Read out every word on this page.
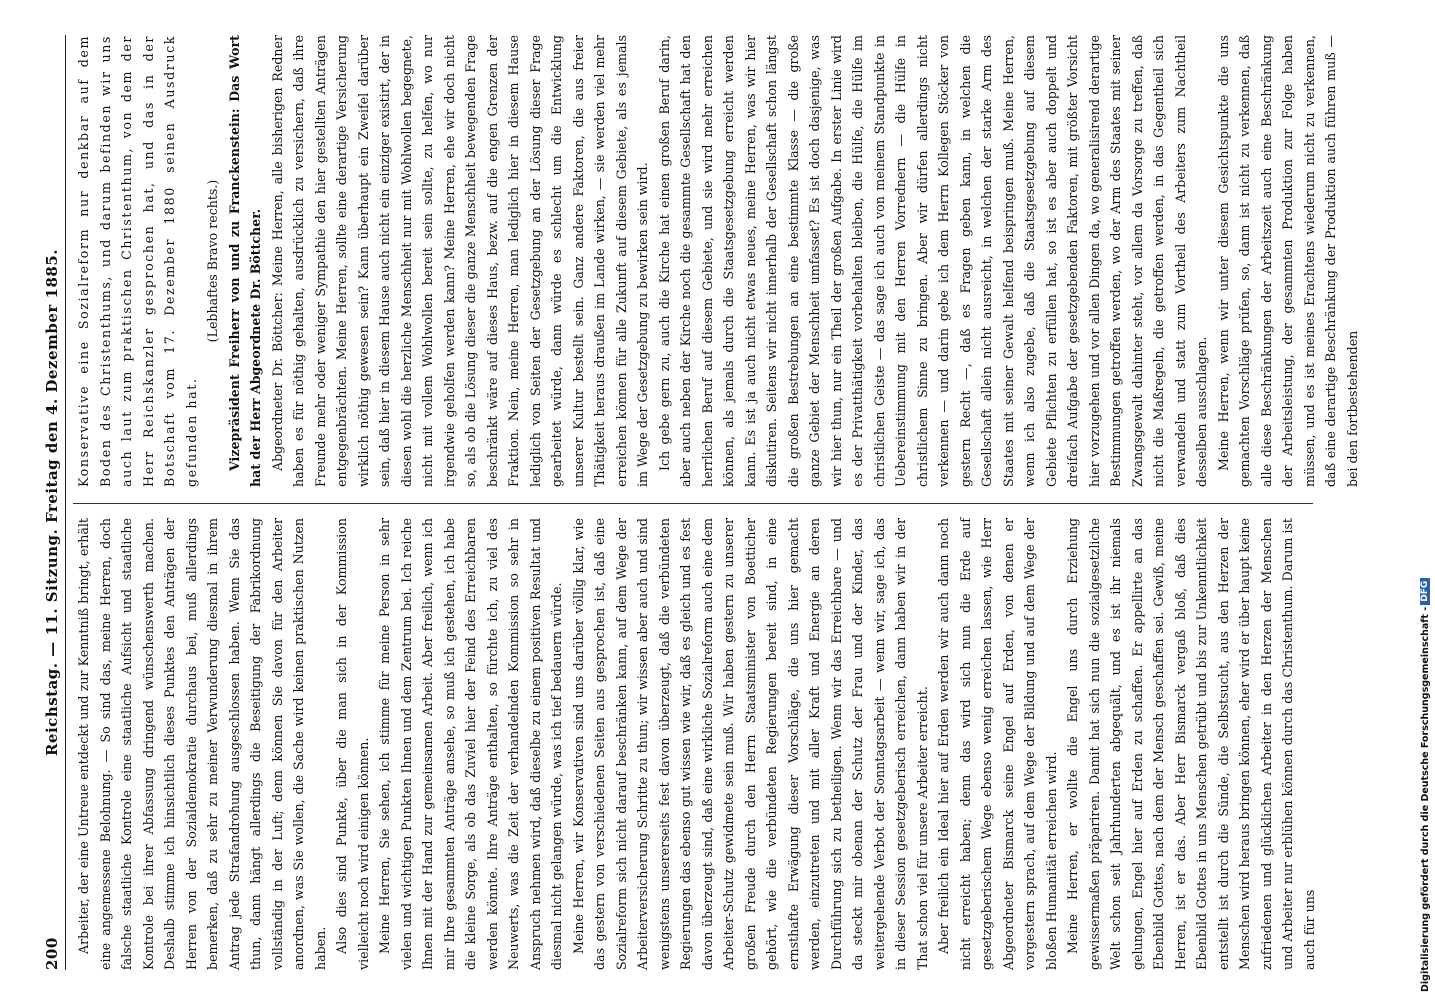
200
Reichstag. — 11. Sitzung. Freitag den 4. Dezember 1885. Arbeiter, der eine Untreue entdeckt und zur Kenntniß bringt, erhält eine angemessene Belohnung. — So sind das, meine Herren, doch falsche staatliche Kontrole eine staatliche Aufsicht und staatliche Kontrole bei ihrer Abfassung dringend wünschenswerth machen. Deshalb stimme ich hinsichtlich dieses Punktes den Anträgen der Herren von der Sozialdemokratie durchaus bei, muß allerdings bemerken, daß zu sehr zu meiner Verwunderung diesmal in ihrem Antrag jede Strafandrohung ausgeschlossen haben. Wenn Sie das thun, dann hängt allerdings die Beseitigung der Fabrikordnung vollständig in der Luft; denn können Sie davon für den Arbeiter anordnen, was Sie wollen, die Sache wird keinen praktischen Nutzen haben. Also dies sind Punkte, über die man sich in der Kommission vielleicht noch wird einigen können. Meine Herren, Sie sehen, ich stimme für meine Person in sehr vielen und wichtigen Punkten Ihnen und dem Zentrum bei. Ich reiche Ihnen mit der Hand zur gemeinsamen Arbeit. Aber freilich, wenn ich mir Ihre gesammten Anträge ansehe, so muß ich gestehen, ich habe die kleine Sorge, als ob das Zuviel hier der Feind des Erreichbaren werden könnte. Ihre Anträge enthalten, so fürchte ich, zu viel des Neuwerts, was die Zeit der verhandelnden Kommission so sehr in Anspruch nehmen wird, daß dieselbe zu einem positiven Resultat und diesmal nicht gelangen würde, was ich tief bedauern würde. Meine Herren, wir Konservativen sind uns darüber völlig klar, wie das gestern von verschiedenen Seiten aus gesprochen ist, daß eine Sozialreform sich nicht darauf beschränken kann, auf dem Wege der Arbeiterversicherung Schritte zu thun; wir wissen aber auch und sind wenigstens unsererseits fest davon überzeugt, daß die verbündeten Regierungen das ebenso gut wissen wie wir, daß es gleich und es fest davon überzeugt sind, daß eine wirkliche Sozialreform auch eine dem Arbeiter-Schutz gewidmete sein muß. Wir haben gestern zu unserer großen Freude durch den Herrn Staatsminister von Boetticher gehört, wie die verbündeten Regierungen bereit sind, in eine ernsthafte Erwägung dieser Vorschläge, die uns hier gemacht werden, einzutreten und mit aller Kraft und Energie an deren Durchführung sich zu betheiligen. Wenn wir das Erreichbare — und da steckt mir obenan der Schutz der Frau und der Kinder, das weitergehende Verbot der Sonntagsarbeit — wenn wir, sage ich, das in dieser Session gesetzgeberisch erreichen, dann haben wir in der That schon viel für unsere Arbeiter erreicht. Aber freilich ein Ideal hier auf Erden werden wir auch dann noch nicht erreicht haben; denn das wird sich nun die Erde auf gesetzgeberischem Wege ebenso wenig erreichen lassen, wie Herr Abgeordneter Bismarck seine Engel auf Erden, von denen er vorgestern sprach, auf dem Wege der Bildung und auf dem Wege der bloßen Humanität erreichen wird. Meine Herren, er wollte die Engel uns durch Erziehung gewissermaßen präpariren. Damit hat sich nun die sozialgesetzliche Welt schon seit Jahrhunderten abgequält, und es ist ihr niemals gelungen, Engel hier auf Erden zu schaffen. Er appellirte an das Ebenbild Gottes, nach dem der Mensch geschaffen sei. Gewiß, meine Herren, ist er das. Aber Herr Bismarck vergaß bloß, daß dies Ebenbild Gottes in uns Menschen getrübt und bis zur Unkenntlichkeit entstellt ist durch die Sünde, die Selbstsucht, aus den Herzen der Menschen wird heraus bringen können, eher wird er über haupt keine zufriedenen und glücklichen Arbeiter in den Herzen der Menschen und Arbeiter nur erblühen können durch das Christenthum. Darum ist auch für uns

Konservative eine Sozialreform nur denkbar auf dem Boden des Christenthums, und darum befinden wir uns auch laut zum praktischen Christenthum, von dem der Herr Reichskanzler gesprochen hat, und das in der Botschaft vom 17. Dezember 1880 seinen Ausdruck gefunden hat.

(Lebhaftes Bravo rechts.) Vizepräsident Freiherr von und zu Franckenstein: Das Wort hat der Herr Abgeordnete Dr. Böttcher. Abgeordneter Dr. Böttcher: Meine Herren, alle bisherigen Redner haben es für nöthig gehalten, ausdrücklich zu versichern, daß ihre Freunde mehr oder weniger Sympathie den hier gestellten Anträgen entgegenbrächten. Meine Herren, sollte eine derartige Versicherung wirklich nöthig gewesen sein? Kann überhaupt ein Zweifel darüber sein, daß hier in diesem Hause auch nicht ein einziger existirt, der in diesen wohl die herzliche Menschheit nur mit Wohlwollen begegnete, nicht mit vollem Wohlwollen bereit sein sollte, zu helfen, wo nur irgendwie geholfen werden kann? Meine Herren, ehe wir doch nicht so, als ob die Lösung dieser die ganze Menschheit bewegenden Frage beschränkt wäre auf dieses Haus, bezw. auf die engen Grenzen der Fraktion. Nein, meine Herren, man lediglich hier in diesem Hause lediglich von Seiten der Gesetzgebung an der Lösung dieser Frage gearbeitet würde, dann würde es schlecht um die Entwicklung unserer Kultur bestellt sein. Ganz andere Faktoren, die aus freier Thätigkeit heraus draußen im Lande wirken, — sie werden viel mehr erreichen können für alle Zukunft auf diesem Gebiete, als es jemals im Wege der Gesetzgebung zu bewirken sein wird. Ich gebe gern zu, auch die Kirche hat einen großen Beruf darin, aber auch neben der Kirche noch die gesammte Gesellschaft hat den herrlichen Beruf auf diesem Gebiete, und sie wird mehr erreichen können, als jemals durch die Staatsgesetzgebung erreicht werden kann. Es ist ja auch nicht etwas neues, meine Herren, was wir hier diskutiren. Seitens wir nicht innerhalb der Gesellschaft schon längst die großen Bestrebungen an eine bestimmte Klasse — die große ganze Gebiet der Menschheit umfasset? Es ist doch dasjenige, was wir hier thun, nur ein Theil der großen Aufgabe. In erster Linie wird es der Privatthätigkeit vorbehalten bleiben, die Hülfe, die Hülfe im christlichen Geiste — das sage ich auch von meinem Standpunkte in Uebereinstimmung mit den Herren Vorrednern — die Hülfe in christlichem Sinne zu bringen. Aber wir dürfen allerdings nicht verkennen — und darin gebe ich dem Herrn Kollegen Stöcker von gestern Recht —, daß es Fragen geben kann, in welchen die Gesellschaft allein nicht ausreicht, in welchen der starke Arm des Staates mit seiner Gewalt helfend beispringen muß. Meine Herren, wenn ich also zugebe, daß die Staatsgesetzgebung auf diesem Gebiete Pflichten zu erfüllen hat, so ist es aber auch doppelt und dreifach Aufgabe der gesetzgebenden Faktoren, mit größter Vorsicht hier vorzugehen und vor allen Dingen da, wo generalisirend derartige Bestimmungen getroffen werden, wo der Arm des Staates mit seiner Zwangsgewalt dahinter steht, vor allem da Vorsorge zu treffen, daß nicht die Maßregeln, die getroffen werden, in das Gegentheil sich verwandeln und statt zum Vortheil des Arbeiters zum Nachtheil desselben ausschlagen. Meine Herren, wenn wir unter diesem Gesichtspunkte die uns gemachten Vorschläge prüfen, so, dann ist nicht zu verkennen, daß alle diese Beschränkungen der Arbeitszeit auch eine Beschränkung der Arbeitsleistung, der gesammten Produktion zur Folge haben müssen, und es ist meines Erachtens wiederum nicht zu verkennen, daß eine derartige Beschränkung der Produktion auch führen muß — bei den fortbestehenden

Digitalisierung gefördert durch die Deutsche Forschungsgemeinschaft -
DFG
